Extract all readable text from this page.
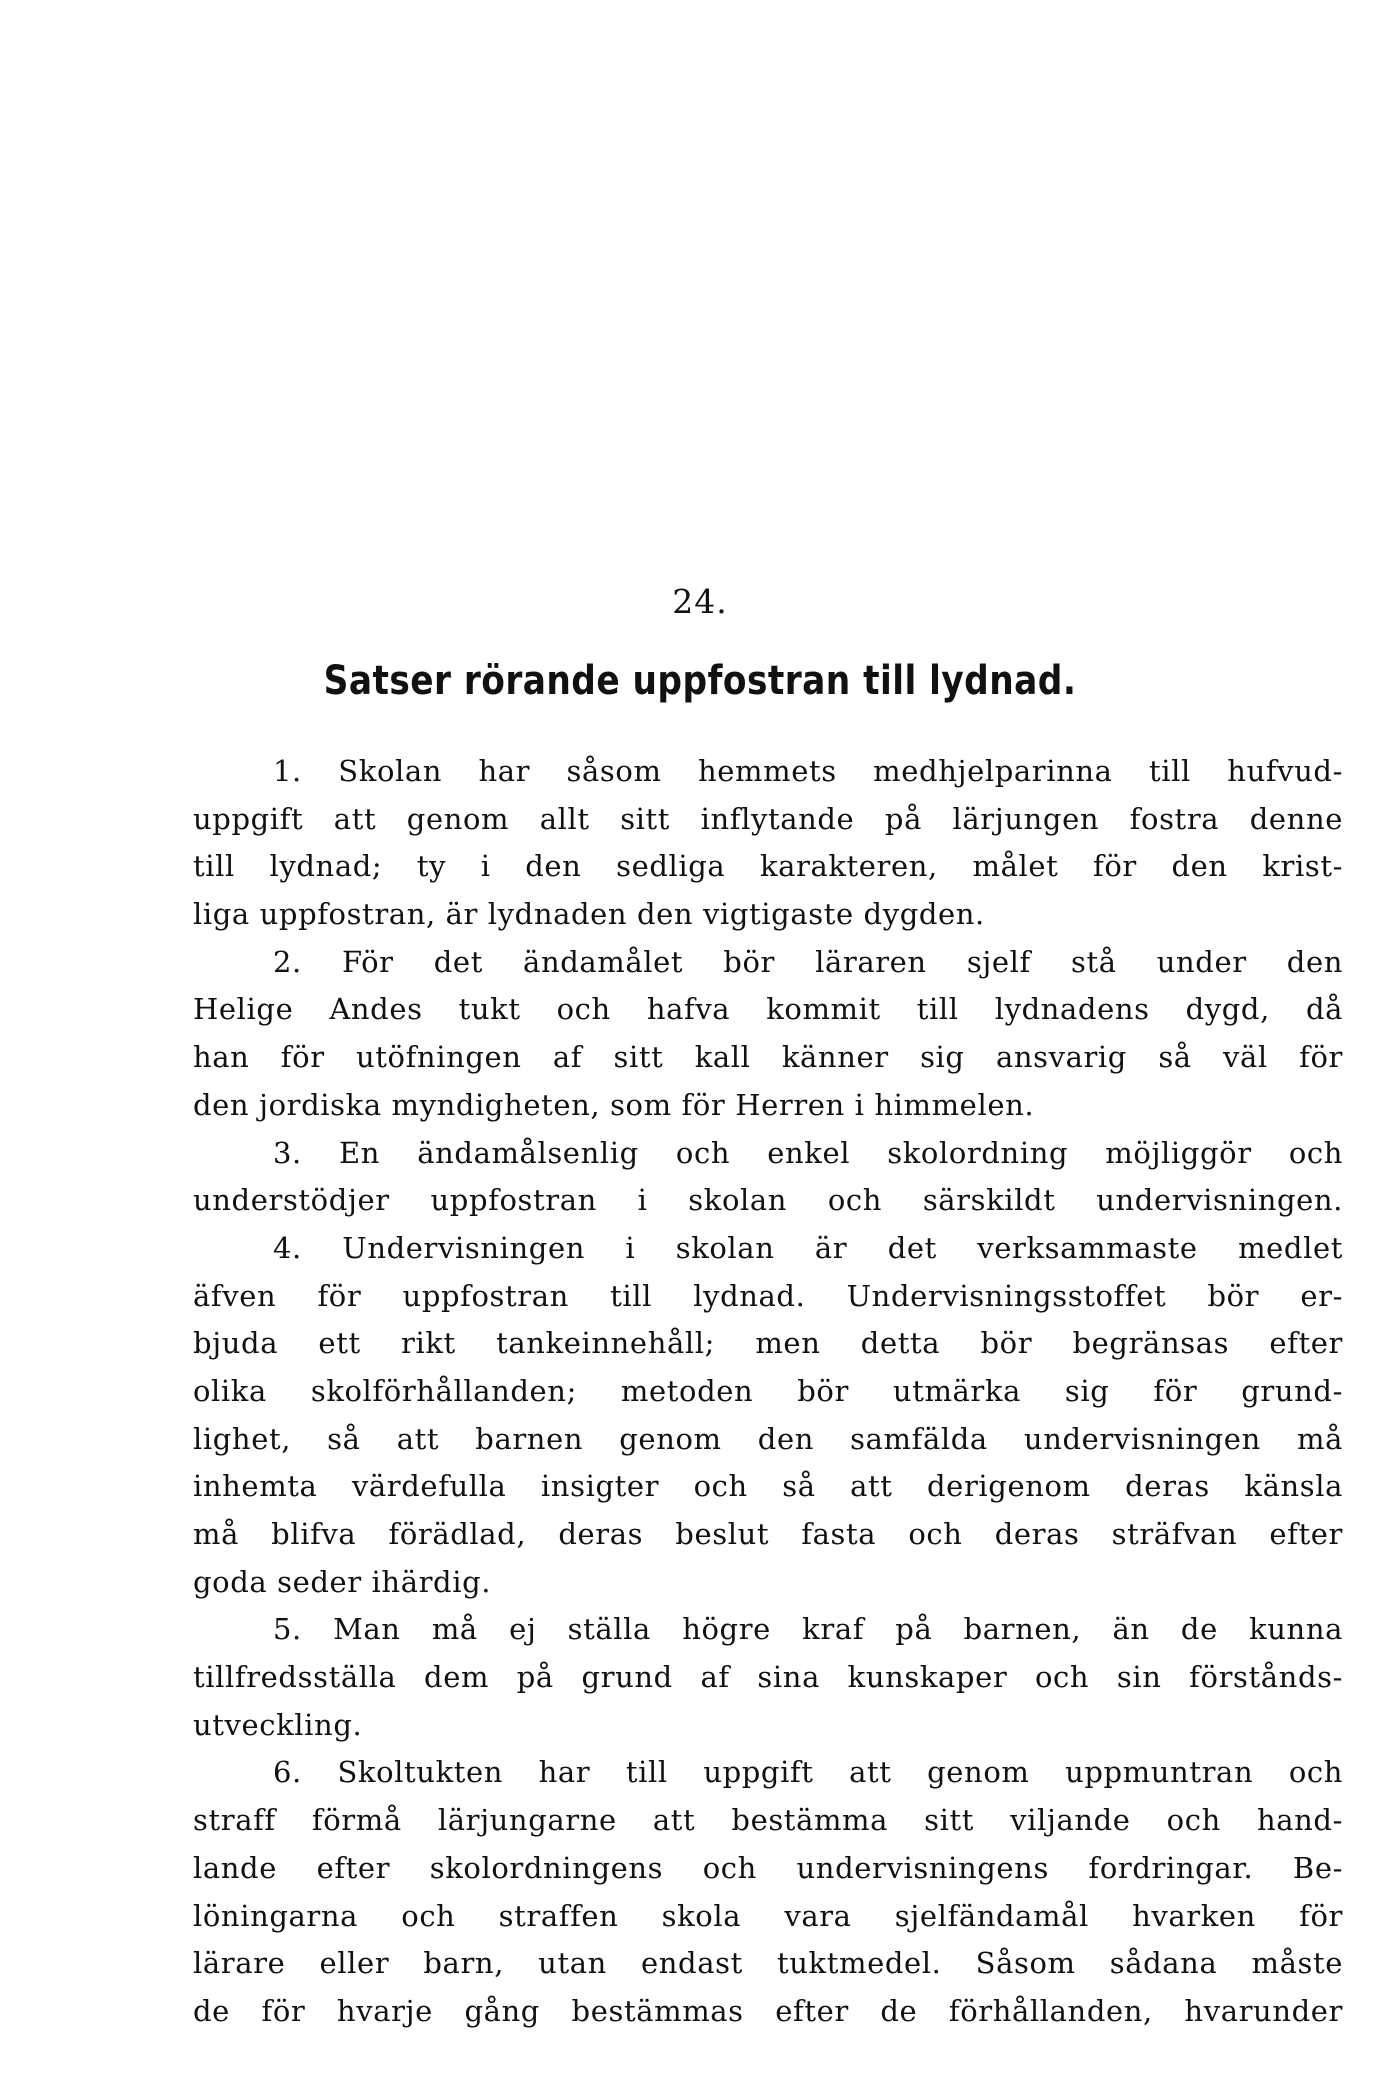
24.
Satser rörande uppfostran till lydnad.
1. Skolan har såsom hemmets medhjelparinna till hufvud-
uppgift att genom allt sitt inflytande på lärjungen fostra denne
till lydnad; ty i den sedliga karakteren, målet för den krist-
liga uppfostran, är lydnaden den vigtigaste dygden.
2. För det ändamålet bör läraren sjelf stå under den
Helige Andes tukt och hafva kommit till lydnadens dygd, då
han för utöfningen af sitt kall känner sig ansvarig så väl för
den jordiska myndigheten, som för Herren i himmelen.
3. En ändamålsenlig och enkel skolordning möjliggör och
understödjer uppfostran i skolan och särskildt undervisningen.
4. Undervisningen i skolan är det verksammaste medlet
äfven för uppfostran till lydnad. Undervisningsstoffet bör er-
bjuda ett rikt tankeinnehåll; men detta bör begränsas efter
olika skolförhållanden; metoden bör utmärka sig för grund-
lighet, så att barnen genom den samfälda undervisningen må
inhemta värdefulla insigter och så att derigenom deras känsla
må blifva förädlad, deras beslut fasta och deras sträfvan efter
goda seder ihärdig.
5. Man må ej ställa högre kraf på barnen, än de kunna
tillfredsställa dem på grund af sina kunskaper och sin förstånds-
utveckling.
6. Skoltukten har till uppgift att genom uppmuntran och
straff förmå lärjungarne att bestämma sitt viljande och hand-
lande efter skolordningens och undervisningens fordringar. Be-
löningarna och straffen skola vara sjelfändamål hvarken för
lärare eller barn, utan endast tuktmedel. Såsom sådana måste
de för hvarje gång bestämmas efter de förhållanden, hvarunder
